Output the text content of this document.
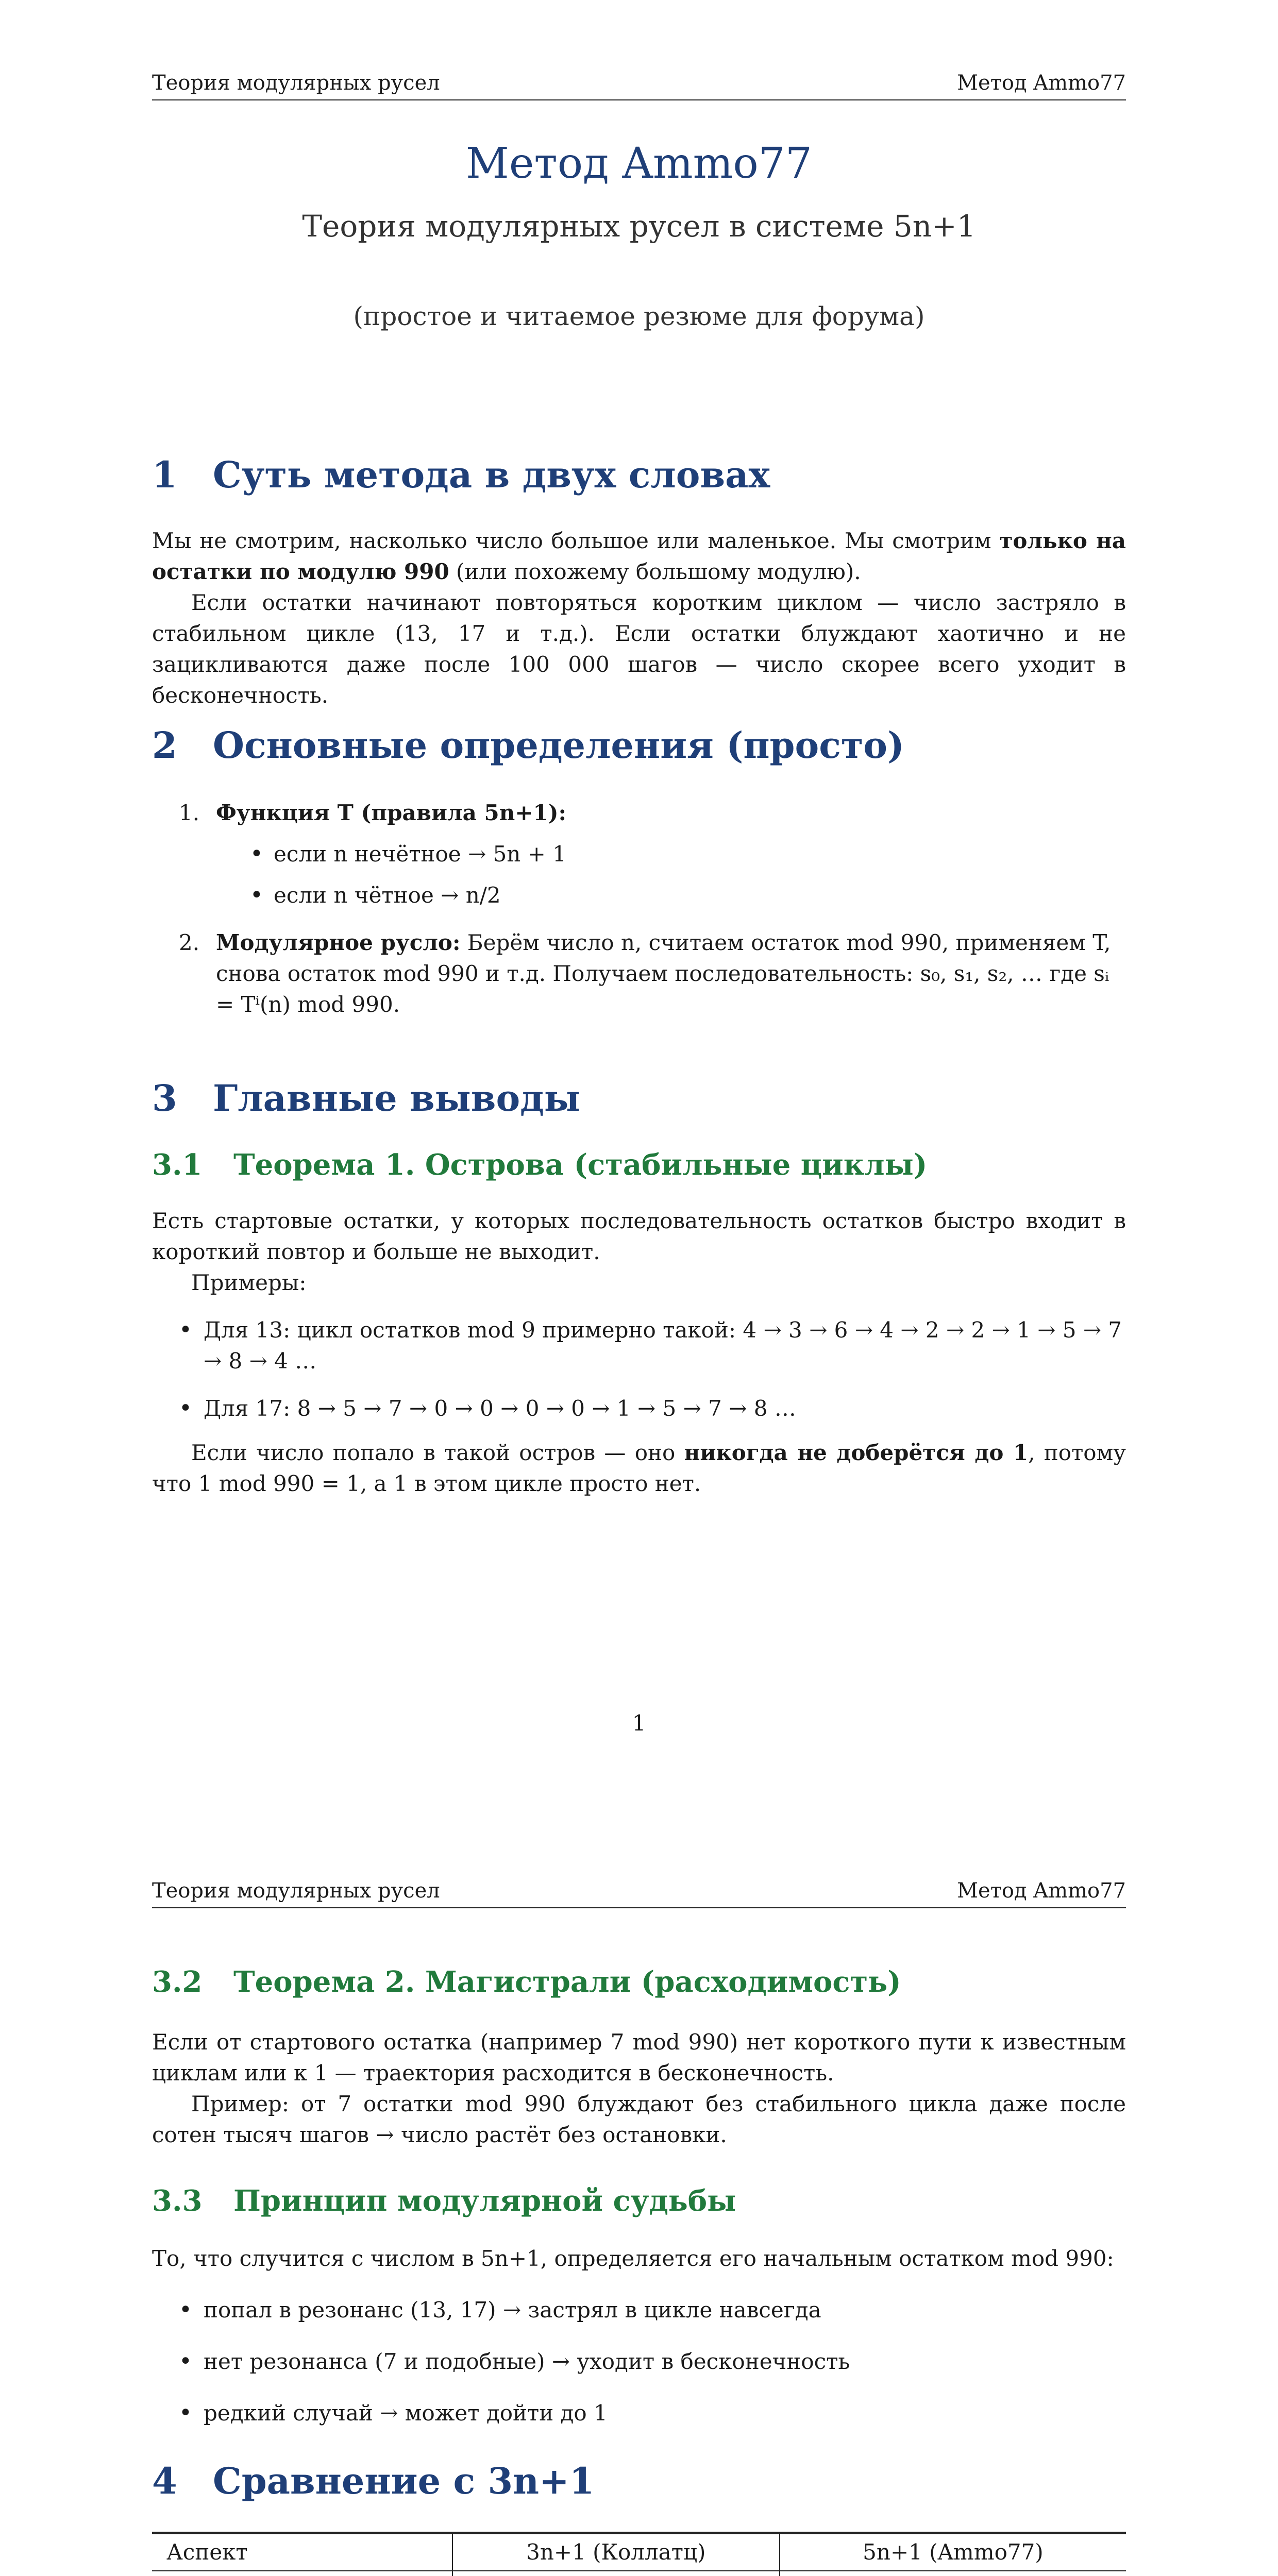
Теория модулярных русел	Метод Ammo77
Метод Ammo77
Теория модулярных русел в системе 5n+1
(простое и читаемое резюме для форума)
1 Суть метода в двух словах

Мы не смотрим, насколько число большое или маленькое. Мы смотрим только на остатки по модулю 990 (или похожему большому модулю).

Если остатки начинают повторяться коротким циклом — число застряло в стабильном цикле (13, 17 и т.д.). Если остатки блуждают хаотично и не зацикливаются даже после 100 000 шагов — число скорее всего уходит в бесконечность.

2 Основные определения (просто)
1. Функция T (правила 5n+1):
• если n нечётное → 5n + 1
• если n чётное → n/2
2. Модулярное русло: Берём число n, считаем остаток mod 990, применяем T, снова остаток mod 990 и т.д. Получаем последовательность: s₀, s₁, s₂, … где sᵢ = Tⁱ(n) mod 990.
3 Главные выводы
3.1 Теорема 1. Острова (стабильные циклы)

Есть стартовые остатки, у которых последовательность остатков быстро входит в короткий повтор и больше не выходит.

Примеры:

• Для 13: цикл остатков mod 9 примерно такой: 4 → 3 → 6 → 4 → 2 → 2 → 1 → 5 → 7 → 8 → 4 …
• Для 17: 8 → 5 → 7 → 0 → 0 → 0 → 0 → 1 → 5 → 7 → 8 …

Если число попало в такой остров — оно никогда не доберётся до 1, потому что 1 mod 990 = 1, а 1 в этом цикле просто нет.

1
Теория модулярных русел	Метод Ammo77
3.2 Теорема 2. Магистрали (расходимость)

Если от стартового остатка (например 7 mod 990) нет короткого пути к известным циклам или к 1 — траектория расходится в бесконечность.

Пример: от 7 остатки mod 990 блуждают без стабильного цикла даже после сотен тысяч шагов → число растёт без остановки.

3.3 Принцип модулярной судьбы

То, что случится с числом в 5n+1, определяется его начальным остатком mod 990:

• попал в резонанс (13, 17) → застрял в цикле навсегда
• нет резонанса (7 и подобные) → уходит в бесконечность
• редкий случай → может дойти до 1
4 Сравнение с 3n+1
Аспект	3n+1 (Коллатц)	5n+1 (Ammo77)
